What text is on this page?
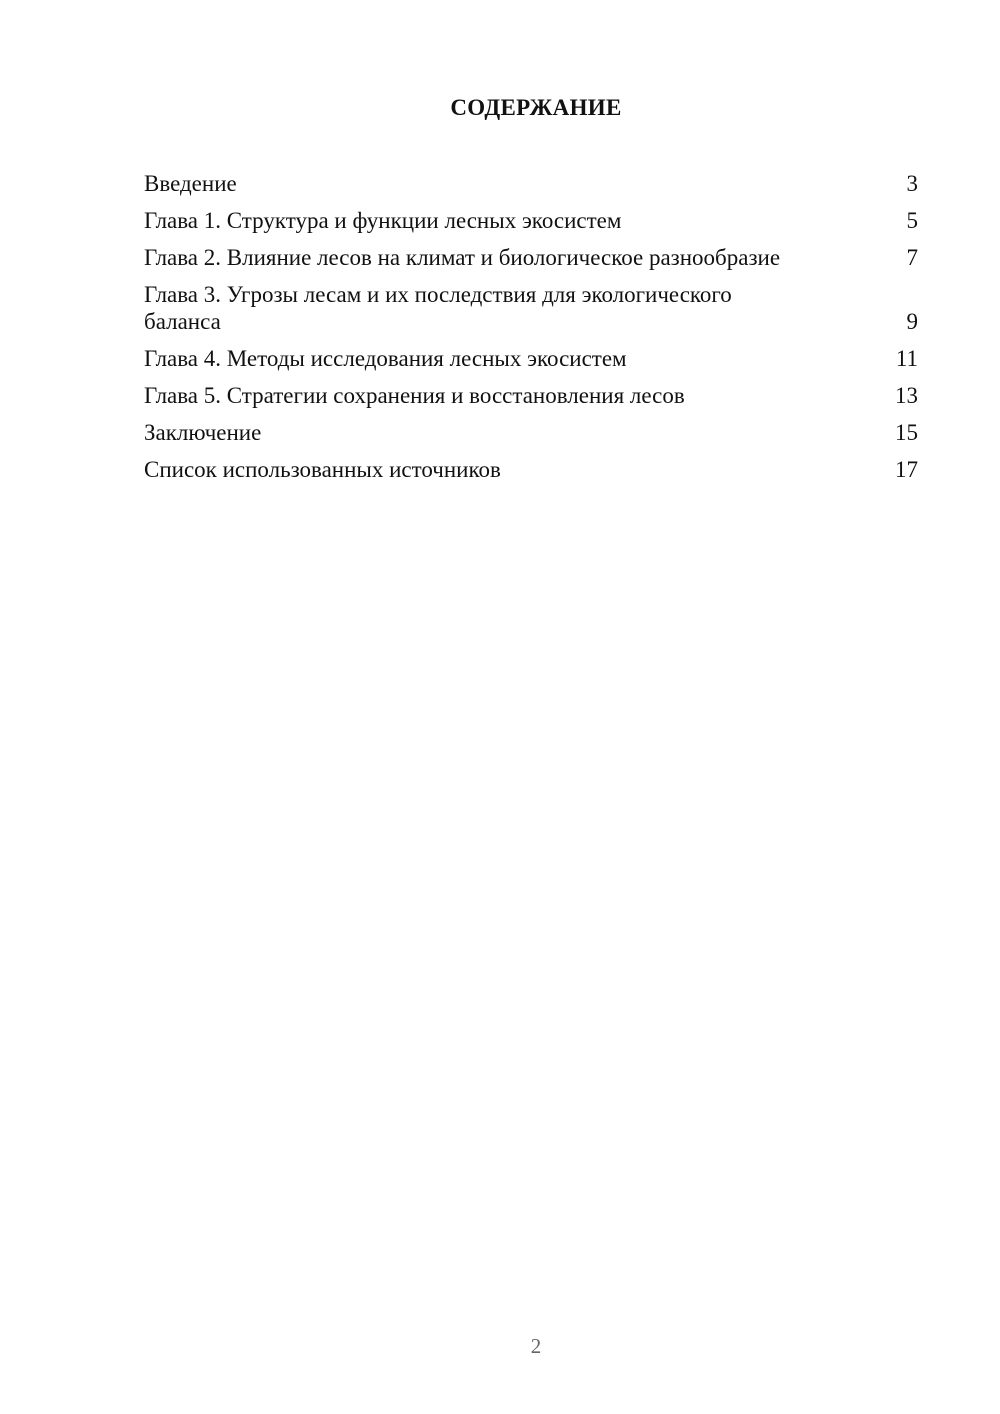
СОДЕРЖАНИЕ
Введение	3
Глава 1. Структура и функции лесных экосистем	5
Глава 2. Влияние лесов на климат и биологическое разнообразие	7
Глава 3. Угрозы лесам и их последствия для экологического баланса	9
Глава 4. Методы исследования лесных экосистем	11
Глава 5. Стратегии сохранения и восстановления лесов	13
Заключение	15
Список использованных источников	17
2
